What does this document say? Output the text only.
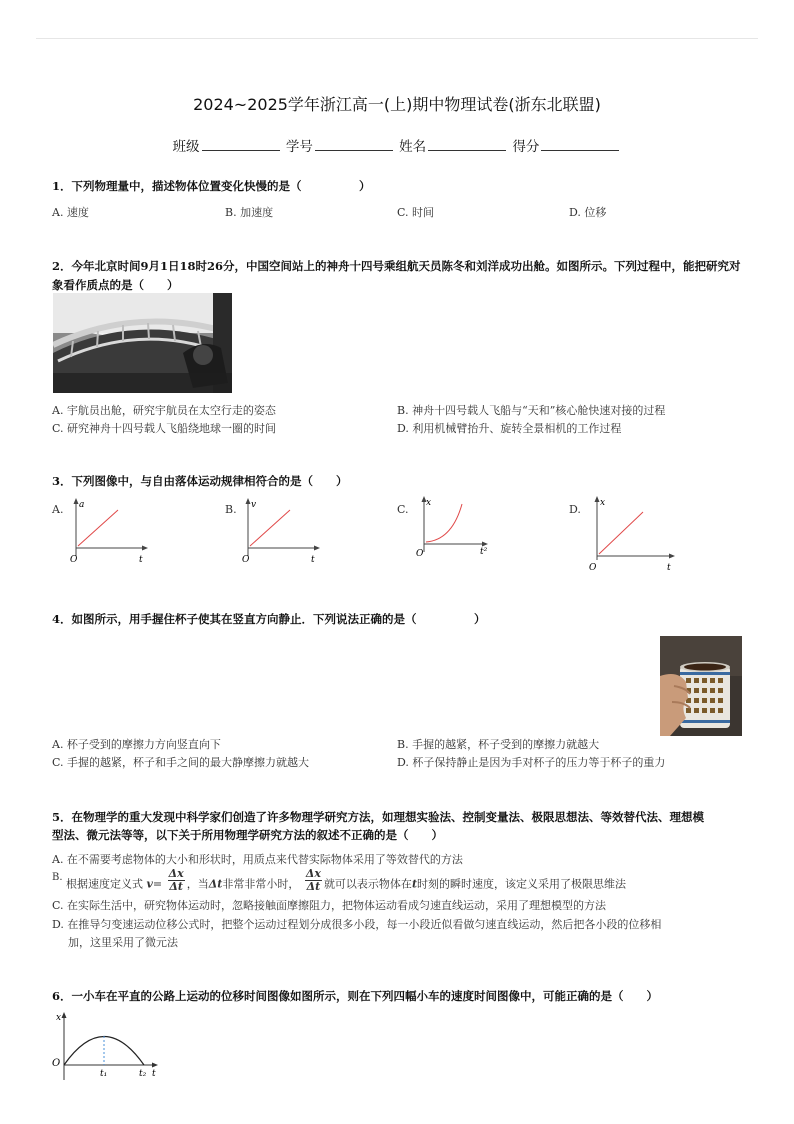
2024~2025学年浙江高一(上)期中物理试卷(浙东北联盟)
班级	学号	姓名	得分
1．下列物理量中，描述物体位置变化快慢的是（　　　　　）
A. 速度	B. 加速度	C. 时间	D. 位移
2．今年北京时间9月1日18时26分，中国空间站上的神舟十四号乘组航天员陈冬和刘洋成功出舱。如图所示。下列过程中，能把研究对象看作质点的是（　　）
A. 宇航员出舱，研究宇航员在太空行走的姿态	B. 神舟十四号载人飞船与“天和”核心舱快速对接的过程
C. 研究神舟十四号载人飞船绕地球一圈的时间	D. 利用机械臂抬升、旋转全景相机的工作过程
3．下列图像中，与自由落体运动规律相符合的是（　　）
A. a
t
O
B. v
t
O
C. x
t²
O
D. x
t
O
4．如图所示，用手握住杯子使其在竖直方向静止．下列说法正确的是（　　　　　）
A. 杯子受到的摩擦力方向竖直向下	B. 手握的越紧，杯子受到的摩擦力就越大
C. 手握的越紧，杯子和手之间的最大静摩擦力就越大	D. 杯子保持静止是因为手对杯子的压力等于杯子的重力
5．在物理学的重大发现中科学家们创造了许多物理学研究方法，如理想实验法、控制变量法、极限思想法、等效替代法、理想模
型法、微元法等等，以下关于所用物理学研究方法的叙述不正确的是（　　）
A. 在不需要考虑物体的大小和形状时，用质点来代替实际物体采用了等效替代的方法
B. 根据速度定义式 $v= \frac{\Delta x}{\Delta t}$ ，当Δt非常非常小时， $\frac{\Delta x}{\Delta t}$ 就可以表示物体在t时刻的瞬时速度，该定义采用了极限思维法
C. 在实际生活中，研究物体运动时，忽略接触面摩擦阻力，把物体运动看成匀速直线运动，采用了理想模型的方法
D. 在推导匀变速运动位移公式时，把整个运动过程划分成很多小段，每一小段近似看做匀速直线运动，然后把各小段的位移相
加，这里采用了微元法
6．一小车在平直的公路上运动的位移时间图像如图所示，则在下列四幅小车的速度时间图像中，可能正确的是（　　）
x
O
t₁	t₂ t
